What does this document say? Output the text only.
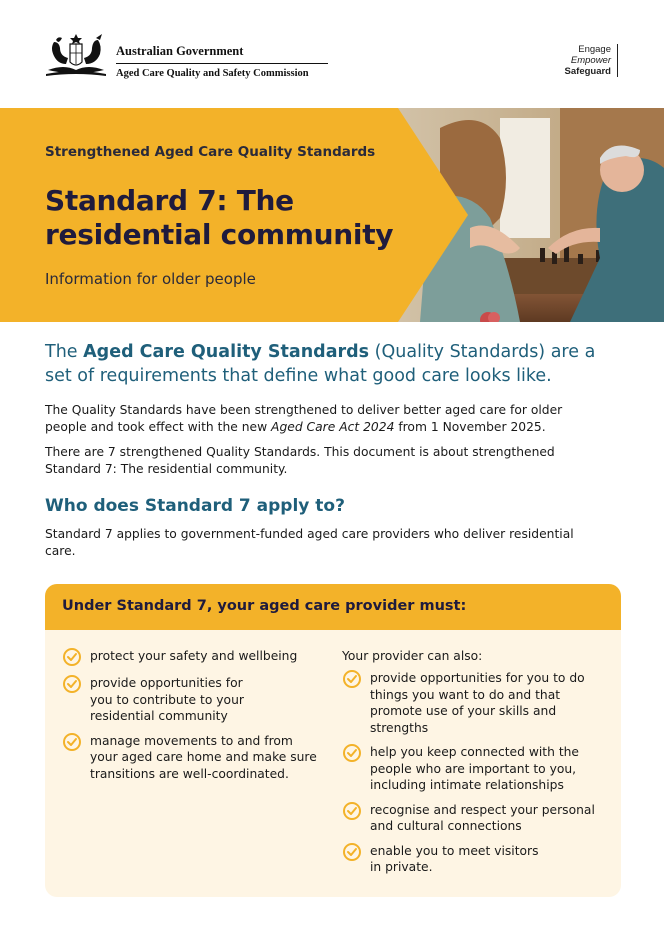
Australian Government
Aged Care Quality and Safety Commission
Engage
Empower
Safeguard
Strengthened Aged Care Quality Standards
Standard 7: The
residential community
Information for older people

The Aged Care Quality Standards (Quality Standards) are a set of requirements that define what good care looks like.

The Quality Standards have been strengthened to deliver better aged care for older people and took effect with the new Aged Care Act 2024 from 1 November 2025.

There are 7 strengthened Quality Standards. This document is about strengthened Standard 7: The residential community.

Who does Standard 7 apply to?

Standard 7 applies to government-funded aged care providers who deliver residential care.

Under Standard 7, your aged care provider must:
protect your safety and wellbeing
provide opportunities for you to contribute to your residential community
manage movements to and from your aged care home and make sure transitions are well-coordinated.
Your provider can also:
provide opportunities for you to do things you want to do and that promote use of your skills and strengths
help you keep connected with the people who are important to you, including intimate relationships
recognise and respect your personal and cultural connections
enable you to meet visitors in private.
